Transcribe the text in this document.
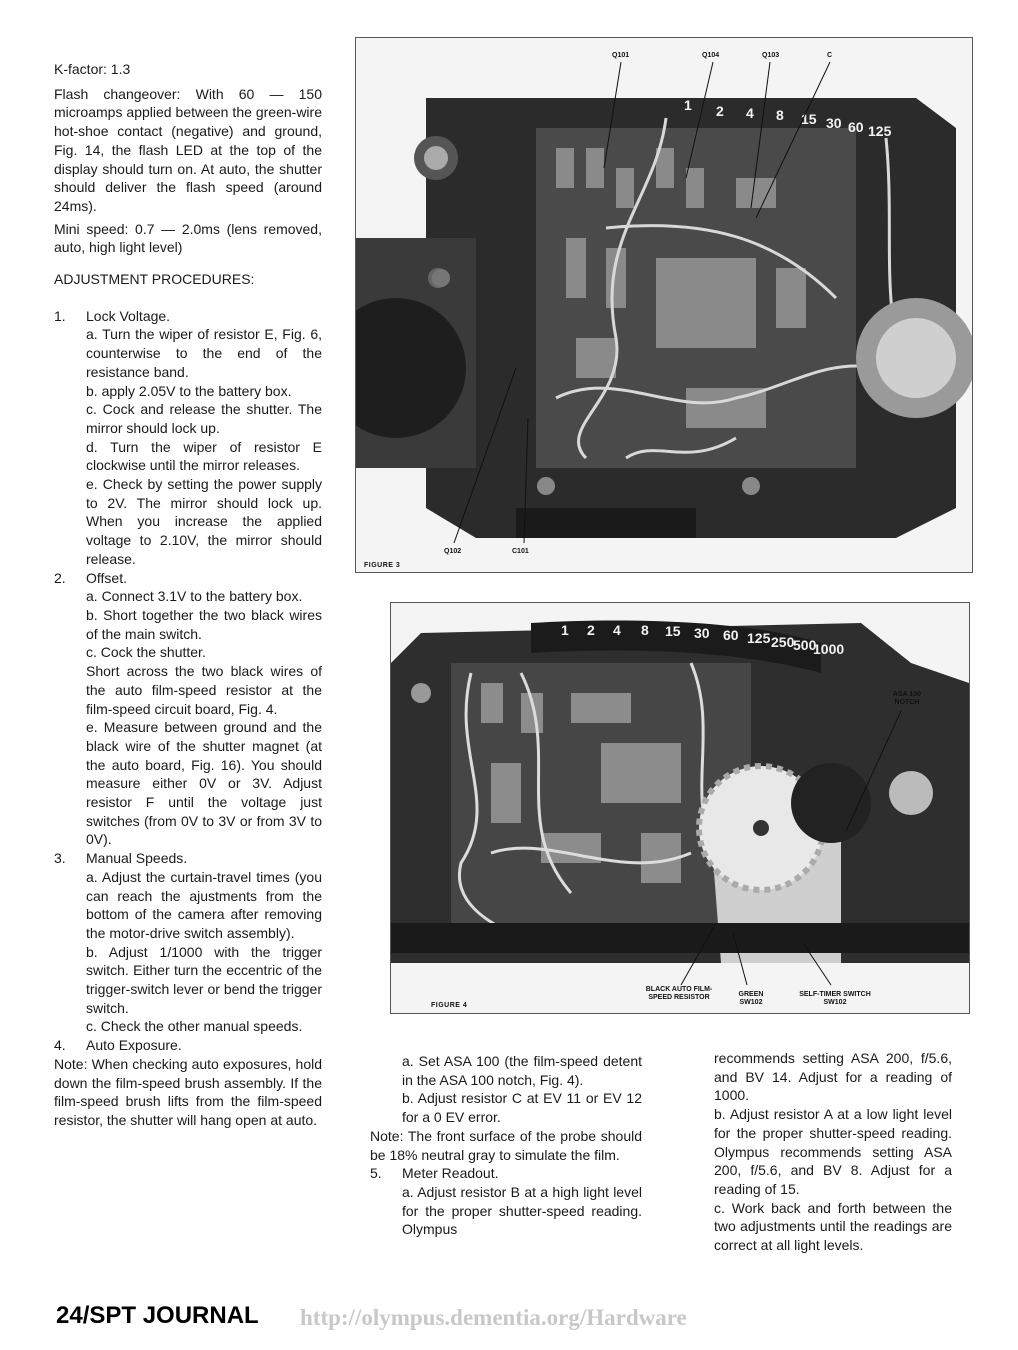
K-factor: 1.3

Flash changeover: With 60 — 150 microamps applied between the green-wire hot-shoe contact (negative) and ground, Fig. 14, the flash LED at the top of the display should turn on. At auto, the shutter should deliver the flash speed (around 24ms).

Mini speed: 0.7 — 2.0ms (lens removed, auto, high light level)

ADJUSTMENT PROCEDURES:

1. Lock Voltage.

a. Turn the wiper of resistor E, Fig. 6, counterwise to the end of the resistance band.

b. apply 2.05V to the battery box.

c. Cock and release the shutter. The mirror should lock up.

d. Turn the wiper of resistor E clockwise until the mirror releases.

e. Check by setting the power supply to 2V. The mirror should lock up. When you increase the applied voltage to 2.10V, the mirror should release.

2. Offset.

a. Connect 3.1V to the battery box.

b. Short together the two black wires of the main switch.

c. Cock the shutter.

Short across the two black wires of the auto film-speed resistor at the film-speed circuit board, Fig. 4.

e. Measure between ground and the black wire of the shutter magnet (at the auto board, Fig. 16). You should measure either 0V or 3V. Adjust resistor F until the voltage just switches (from 0V to 3V or from 3V to 0V).

3. Manual Speeds.

a. Adjust the curtain-travel times (you can reach the ajustments from the bottom of the camera after removing the motor-drive switch assembly).

b. Adjust 1/1000 with the trigger switch. Either turn the eccentric of the trigger-switch lever or bend the trigger switch.

c. Check the other manual speeds.

4. Auto Exposure.

Note: When checking auto exposures, hold down the film-speed brush assembly. If the film-speed brush lifts from the film-speed resistor, the shutter will hang open at auto.

1 2 4 8 15 30 60 125
Q101	Q104	Q103	C
Q102	C101
FIGURE 3
1 2 4 8 15 30 60 125 250
500
1000
ASA 100 NOTCH
BLACK AUTO FILM-SPEED RESISTOR	GREEN SW102
SELF-TIMER SWITCH SW102
FIGURE 4

a. Set ASA 100 (the film-speed detent in the ASA 100 notch, Fig. 4).

b. Adjust resistor C at EV 11 or EV 12 for a 0 EV error.

Note: The front surface of the probe should be 18% neutral gray to simulate the film.

5. Meter Readout.

a. Adjust resistor B at a high light level for the proper shutter-speed reading. Olympus

recommends setting ASA 200, f/5.6, and BV 14. Adjust for a reading of 1000.

b. Adjust resistor A at a low light level for the proper shutter-speed reading. Olympus recommends setting ASA 200, f/5.6, and BV 8. Adjust for a reading of 15.

c. Work back and forth between the two adjustments until the readings are correct at all light levels.

24/SPT JOURNAL http://olympus.dementia.org/Hardware
